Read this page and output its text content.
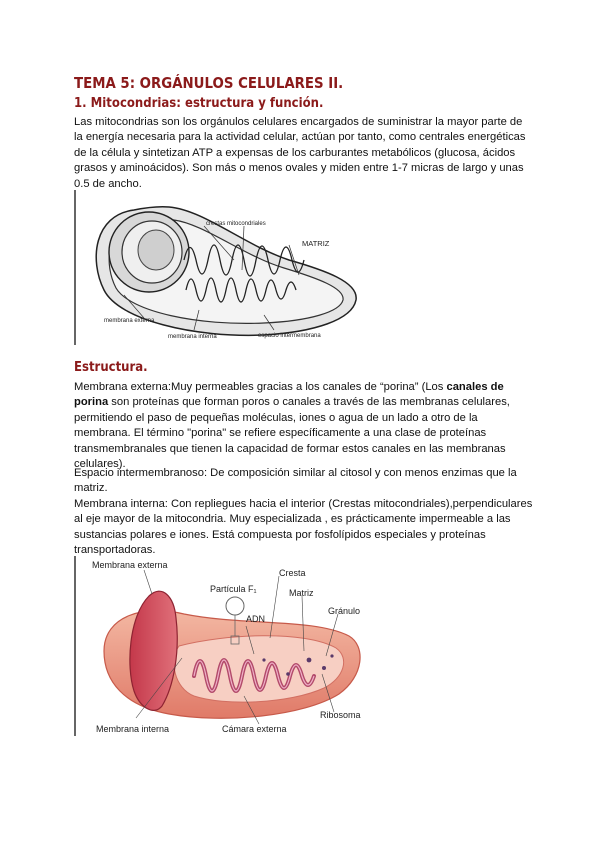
TEMA 5: ORGÁNULOS CELULARES II.
1. Mitocondrias: estructura y función.
Las mitocondrias son los orgánulos celulares encargados de suministrar la mayor parte de la energía necesaria para la actividad celular, actúan por tanto, como centrales energéticas de la célula y sintetizan ATP a expensas de los carburantes metabólicos (glucosa, ácidos grasos y aminoácidos). Son más o menos ovales y miden entre 1-7 micras de largo y unas 0.5 de ancho.
crestas mitocondriales
MATRIZ
membrana externa
membrana interna	espacio intermembrana
Estructura.
Membrana externa:Muy permeables gracias a los canales de “porina” (Los canales de porina son proteínas que forman poros o canales a través de las membranas celulares, permitiendo el paso de pequeñas moléculas, iones o agua de un lado a otro de la membrana. El término "porina" se refiere específicamente a una clase de proteínas transmembranales que tienen la capacidad de formar estos canales en las membranas celulares).
Espacio intermembranoso: De composición similar al citosol y con menos enzimas que la matriz.
Membrana interna: Con repliegues hacia el interior (Crestas mitocondriales),perpendiculares al eje mayor de la mitocondria. Muy especializada , es prácticamente impermeable a las sustancias polares e iones. Está compuesta por fosfolípidos especiales y proteínas transportadoras.
Membrana externa
Partícula F₁
Cresta
Matriz
ADN
Gránulo
Ribosoma
Membrana interna	Cámara externa
